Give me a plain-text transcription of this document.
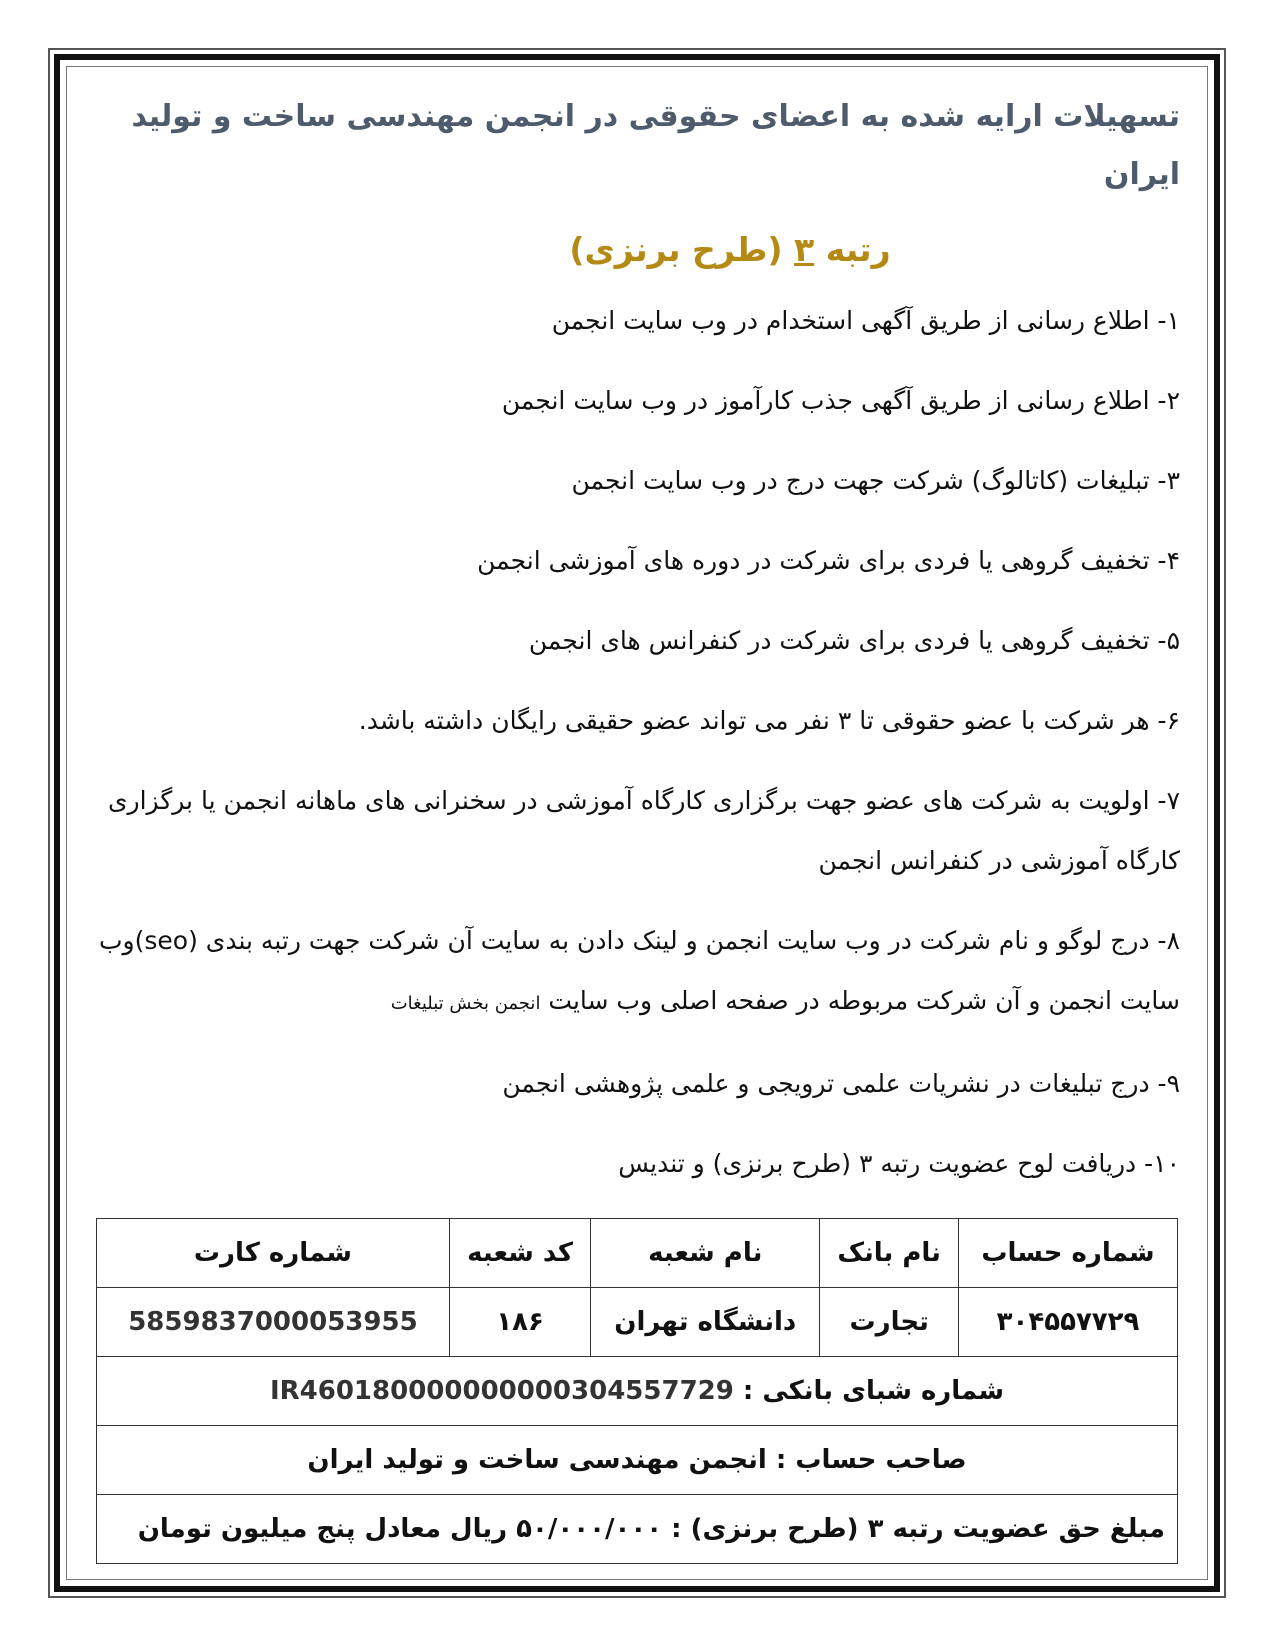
تسهیلات ارایه شده به اعضای حقوقی در انجمن مهندسی ساخت و تولید ایران
رتبه ۳ (طرح برنزی)
۱- اطلاع رسانی از طریق آگهی استخدام در وب سایت انجمن
۲- اطلاع رسانی از طریق آگهی جذب کارآموز در وب سایت انجمن
۳- تبلیغات (کاتالوگ) شرکت جهت درج در وب سایت انجمن
۴- تخفیف گروهی یا فردی برای شرکت در دوره های آموزشی انجمن
۵- تخفیف گروهی یا فردی برای شرکت در کنفرانس های انجمن
۶- هر شرکت با عضو حقوقی تا ۳ نفر می تواند عضو حقیقی رایگان داشته باشد.
۷- اولویت به شرکت های عضو جهت برگزاری کارگاه آموزشی در سخنرانی های ماهانه انجمن یا برگزاری کارگاه آموزشی در کنفرانس انجمن
۸- درج لوگو و نام شرکت در وب سایت انجمن و لینک دادن به سایت آن شرکت جهت رتبه بندی (seo)وب سایت انجمن و آن شرکت مربوطه در صفحه اصلی وب سایت انجمن بخش تبلیغات
۹- درج تبلیغات در نشریات علمی ترویجی و علمی پژوهشی انجمن
۱۰- دریافت لوح عضویت رتبه ۳ (طرح برنزی) و تندیس
شماره حساب	نام بانک	نام شعبه	کد شعبه	شماره کارت
۳۰۴۵۵۷۷۲۹	تجارت	دانشگاه تهران	۱۸۶	5859837000053955
شماره شبای بانکی : IR460180000000000304557729				
صاحب حساب : انجمن مهندسی ساخت و تولید ایران				
مبلغ حق عضویت رتبه ۳ (طرح برنزی) : ۵۰/۰۰۰/۰۰۰ ریال معادل پنج میلیون تومان				
